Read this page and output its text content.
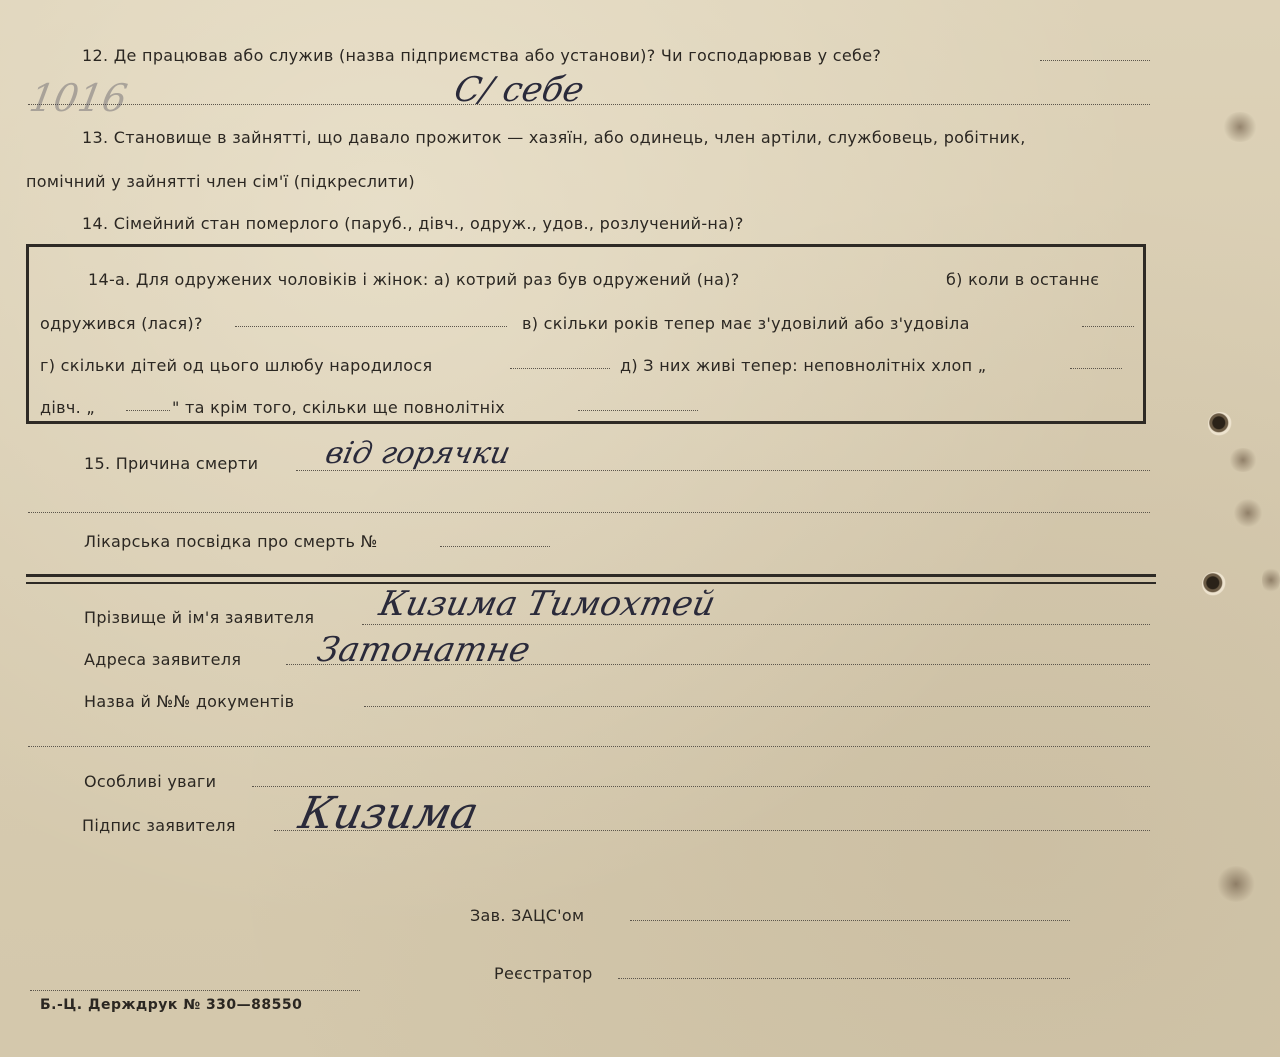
12. Де працював або служив (назва підприємства або установи)? Чи господарював у себе?
С/ себе
13. Становище в зайнятті, що давало прожиток — хазяїн, або одинець, член артіли, службовець, робітник,
помічний у зайнятті член сім'ї (підкреслити)
14. Сімейний стан померлого (паруб., дівч., одруж., удов., розлучений-на)?
14-а. Для одружених чоловіків і жінок: а) котрий раз був одружений (на)?	б) коли в останнє
одружився (лася)?	в) скільки років тепер має з'удовілий або з'удовіла
г) скільки дітей од цього шлюбу народилося	д) З них живі тепер: неповнолітніх хлоп „
дівч. „	" та крім того, скільки ще повнолітніх
15. Причина смерти від горячки
Лікарська посвідка про смерть №
Прізвище й ім'я заявителя Кизима Тимохтей
Адреса заявителя Затонатне
Назва й №№ документів
Особливі уваги
Підпис заявителя Кизима
Зав. ЗАЦС'ом
Реєстратор
Б.-Ц. Держдрук № 330—88550
1016
